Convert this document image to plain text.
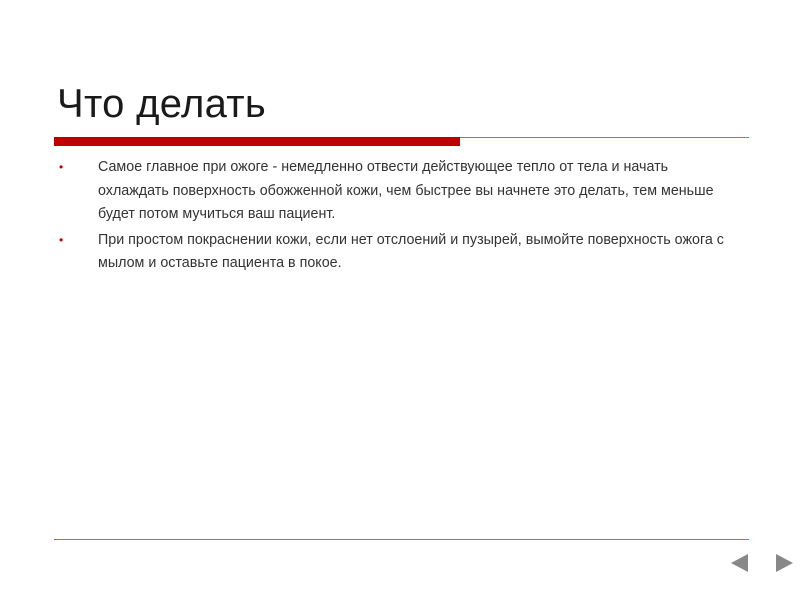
Что делать
• Самое главное при ожоге - немедленно отвести действующее тепло от тела и начать охлаждать поверхность обожженной кожи, чем быстрее вы начнете это делать, тем меньше будет потом мучиться ваш пациент.
• При простом покраснении кожи, если нет отслоений и пузырей, вымойте поверхность ожога с мылом и оставьте пациента в покое.
